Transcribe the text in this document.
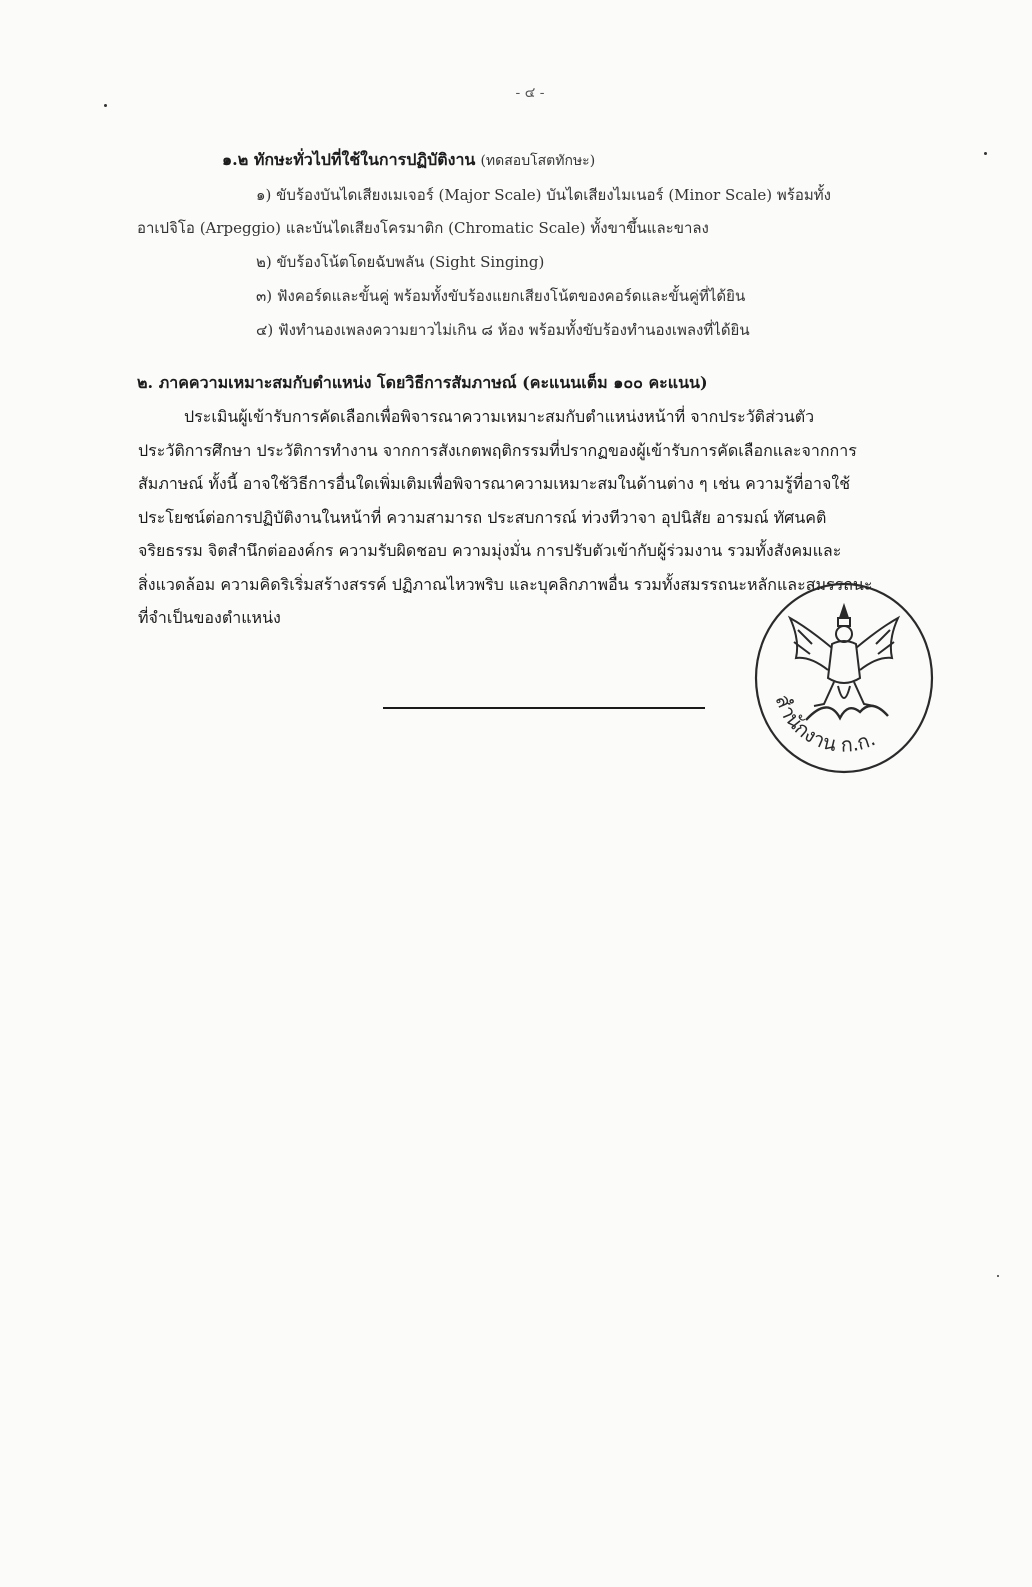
- ๔ -
๑.๒ ทักษะทั่วไปที่ใช้ในการปฏิบัติงาน (ทดสอบโสตทักษะ)
๑) ขับร้องบันไดเสียงเมเจอร์ (Major Scale) บันไดเสียงไมเนอร์ (Minor Scale) พร้อมทั้ง
อาเปจิโอ (Arpeggio) และบันไดเสียงโครมาติก (Chromatic Scale) ทั้งขาขึ้นและขาลง
๒) ขับร้องโน้ตโดยฉับพลัน (Sight Singing)
๓) ฟังคอร์ดและขั้นคู่ พร้อมทั้งขับร้องแยกเสียงโน้ตของคอร์ดและขั้นคู่ที่ได้ยิน
๔) ฟังทำนองเพลงความยาวไม่เกิน ๘ ห้อง พร้อมทั้งขับร้องทำนองเพลงที่ได้ยิน
๒. ภาคความเหมาะสมกับตำแหน่ง โดยวิธีการสัมภาษณ์ (คะแนนเต็ม ๑๐๐ คะแนน)
ประเมินผู้เข้ารับการคัดเลือกเพื่อพิจารณาความเหมาะสมกับตำแหน่งหน้าที่ จากประวัติส่วนตัว
ประวัติการศึกษา ประวัติการทำงาน จากการสังเกตพฤติกรรมที่ปรากฏของผู้เข้ารับการคัดเลือกและจากการ
สัมภาษณ์ ทั้งนี้ อาจใช้วิธีการอื่นใดเพิ่มเติมเพื่อพิจารณาความเหมาะสมในด้านต่าง ๆ เช่น ความรู้ที่อาจใช้
ประโยชน์ต่อการปฏิบัติงานในหน้าที่ ความสามารถ ประสบการณ์ ท่วงทีวาจา อุปนิสัย อารมณ์ ทัศนคติ
จริยธรรม จิตสำนึกต่อองค์กร ความรับผิดชอบ ความมุ่งมั่น การปรับตัวเข้ากับผู้ร่วมงาน รวมทั้งสังคมและ
สิ่งแวดล้อม ความคิดริเริ่มสร้างสรรค์ ปฏิภาณไหวพริบ และบุคลิกภาพอื่น รวมทั้งสมรรถนะหลักและสมรรถนะ
ที่จำเป็นของตำแหน่ง
สำนักงาน ก.ก.
